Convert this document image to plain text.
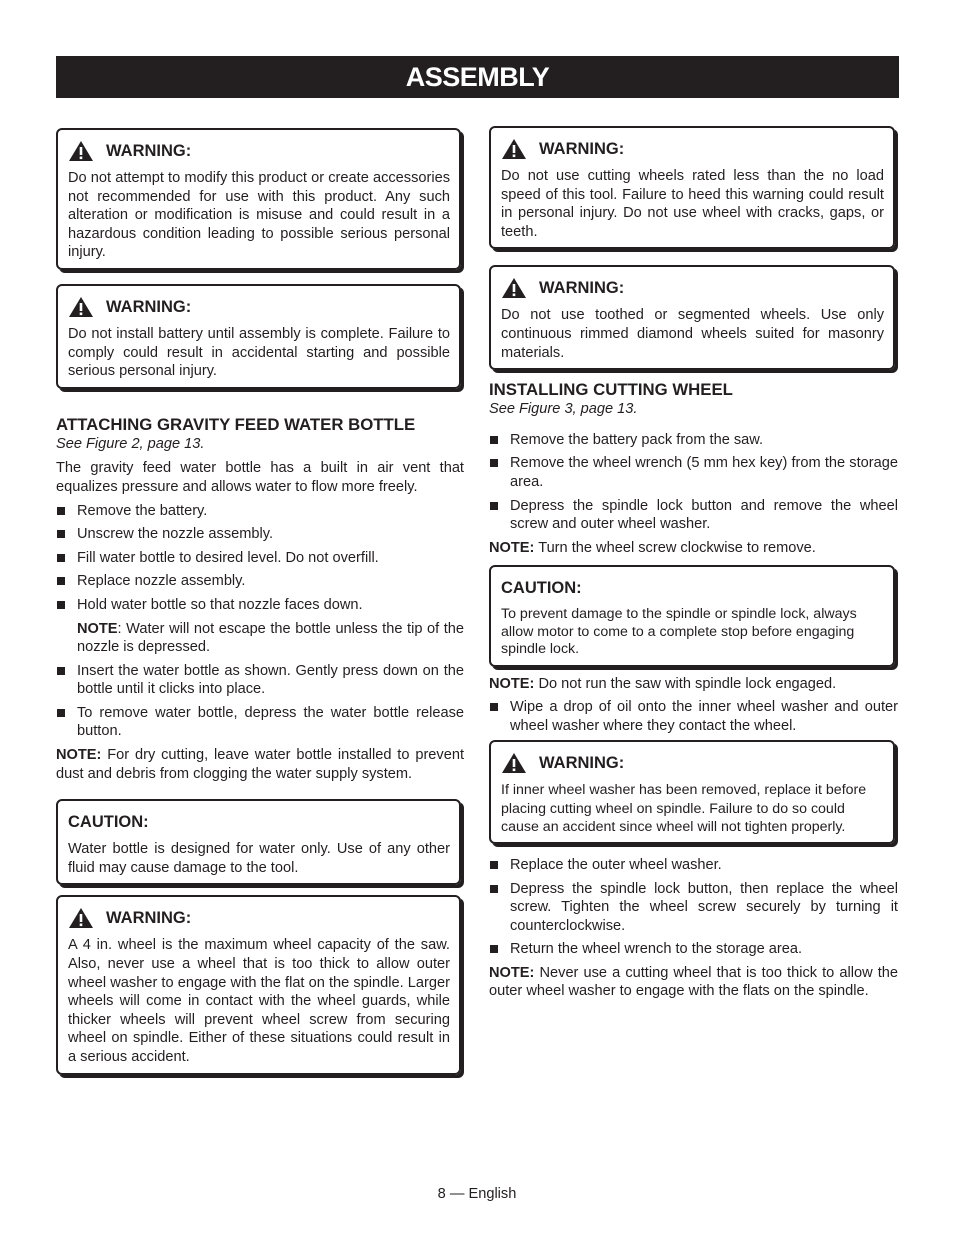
ASSEMBLY
WARNING:

Do not attempt to modify this product or create accessories not recommended for use with this product. Any such alteration or modification is misuse and could result in a hazardous condition leading to possible serious personal injury.

WARNING:

Do not install battery until assembly is complete. Failure to comply could result in accidental starting and possible serious personal injury.

ATTACHING GRAVITY FEED WATER BOTTLE

See Figure 2, page 13.

The gravity feed water bottle has a built in air vent that equalizes pressure and allows water to flow more freely.

Remove the battery.
Unscrew the nozzle assembly.
Fill water bottle to desired level. Do not overfill.
Replace nozzle assembly.
Hold water bottle so that nozzle faces down.

NOTE: Water will not escape the bottle unless the tip of the nozzle is depressed.

Insert the water bottle as shown. Gently press down on the bottle until it clicks into place.
To remove water bottle, depress the water bottle release button.

NOTE: For dry cutting, leave water bottle installed to prevent dust and debris from clogging the water supply system.

CAUTION:

Water bottle is designed for water only. Use of any other fluid may cause damage to the tool.

WARNING:

A 4 in. wheel is the maximum wheel capacity of the saw. Also, never use a wheel that is too thick to allow outer wheel washer to engage with the flat on the spindle. Larger wheels will come in contact with the wheel guards, while thicker wheels will prevent wheel screw from securing wheel on spindle. Either of these situations could result in a serious accident.

WARNING:

Do not use cutting wheels rated less than the no load speed of this tool. Failure to heed this warning could result in personal injury. Do not use wheel with cracks, gaps, or teeth.

WARNING:

Do not use toothed or segmented wheels. Use only continuous rimmed diamond wheels suited for masonry materials.

INSTALLING CUTTING WHEEL

See Figure 3, page 13.

Remove the battery pack from the saw.
Remove the wheel wrench (5 mm hex key) from the storage area.
Depress the spindle lock button and remove the wheel screw and outer wheel washer.

NOTE: Turn the wheel screw clockwise to remove.

CAUTION:

To prevent damage to the spindle or spindle lock, always allow motor to come to a complete stop before engaging spindle lock.

NOTE: Do not run the saw with spindle lock engaged.

Wipe a drop of oil onto the inner wheel washer and outer wheel washer where they contact the wheel.
WARNING:

If inner wheel washer has been removed, replace it before placing cutting wheel on spindle. Failure to do so could cause an accident since wheel will not tighten properly.

Replace the outer wheel washer.
Depress the spindle lock button, then replace the wheel screw. Tighten the wheel screw securely by turning it counterclockwise.
Return the wheel wrench to the storage area.

NOTE: Never use a cutting wheel that is too thick to allow the outer wheel washer to engage with the flats on the spindle.

8 — English
